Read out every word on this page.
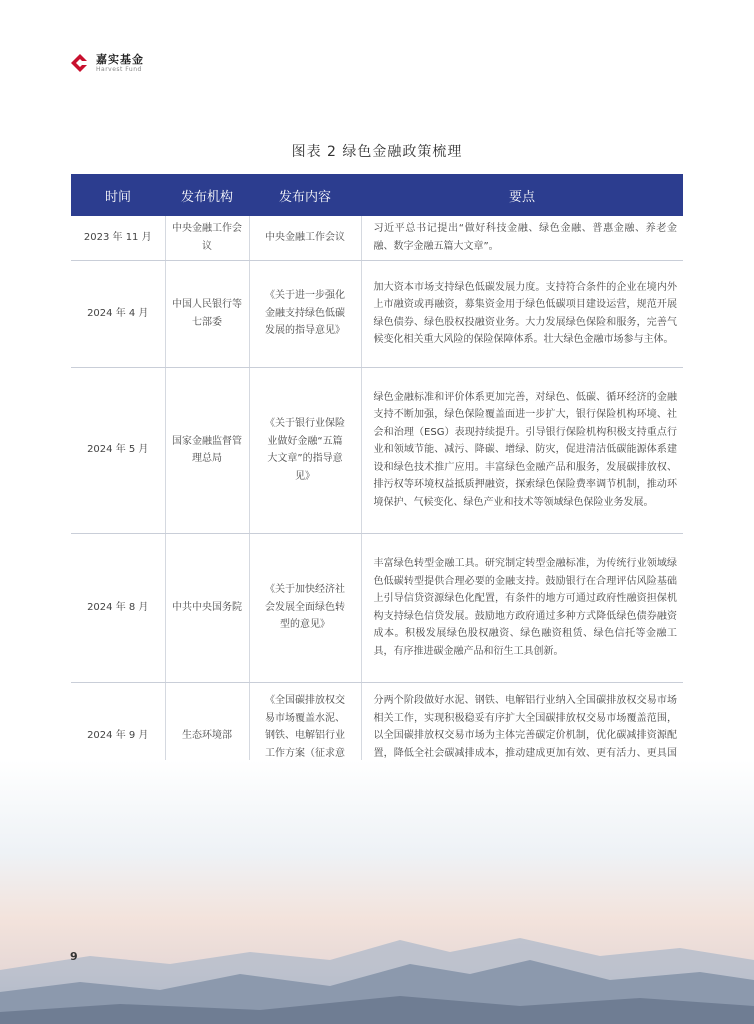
嘉实基金
Harvest Fund
图表 2 绿色金融政策梳理
时间	发布机构	发布内容	要点
2023 年 11 月	中央金融工作会议	中央金融工作会议	习近平总书记提出“做好科技金融、绿色金融、普惠金融、养老金融、数字金融五篇大文章”。
2024 年 4 月	中国人民银行等七部委	《关于进一步强化金融支持绿色低碳发展的指导意见》	加大资本市场支持绿色低碳发展力度。支持符合条件的企业在境内外上市融资或再融资，募集资金用于绿色低碳项目建设运营，规范开展绿色债券、绿色股权投融资业务。大力发展绿色保险和服务，完善气候变化相关重大风险的保险保障体系。壮大绿色金融市场参与主体。
2024 年 5 月	国家金融监督管理总局	《关于银行业保险业做好金融“五篇大文章”的指导意见》	绿色金融标准和评价体系更加完善，对绿色、低碳、循环经济的金融支持不断加强，绿色保险覆盖面进一步扩大，银行保险机构环境、社会和治理（ESG）表现持续提升。引导银行保险机构积极支持重点行业和领域节能、减污、降碳、增绿、防灾，促进清洁低碳能源体系建设和绿色技术推广应用。丰富绿色金融产品和服务，发展碳排放权、排污权等环境权益抵质押融资，探索绿色保险费率调节机制，推动环境保护、气候变化、绿色产业和技术等领域绿色保险业务发展。
2024 年 8 月	中共中央国务院	《关于加快经济社会发展全面绿色转型的意见》	丰富绿色转型金融工具。研究制定转型金融标准，为传统行业领域绿色低碳转型提供合理必要的金融支持。鼓励银行在合理评估风险基础上引导信贷资源绿色化配置，有条件的地方可通过政府性融资担保机构支持绿色信贷发展。鼓励地方政府通过多种方式降低绿色债券融资成本。积极发展绿色股权融资、绿色融资租赁、绿色信托等金融工具，有序推进碳金融产品和衍生工具创新。
2024 年 9 月	生态环境部	《全国碳排放权交易市场覆盖水泥、钢铁、电解铝行业工作方案（征求意	分两个阶段做好水泥、钢铁、电解铝行业纳入全国碳排放权交易市场相关工作，实现积极稳妥有序扩大全国碳排放权交易市场覆盖范围，以全国碳排放权交易市场为主体完善碳定价机制，优化碳减排资源配置，降低全社会碳减排成本，推动建成更加有效、更有活力、更具国
9
